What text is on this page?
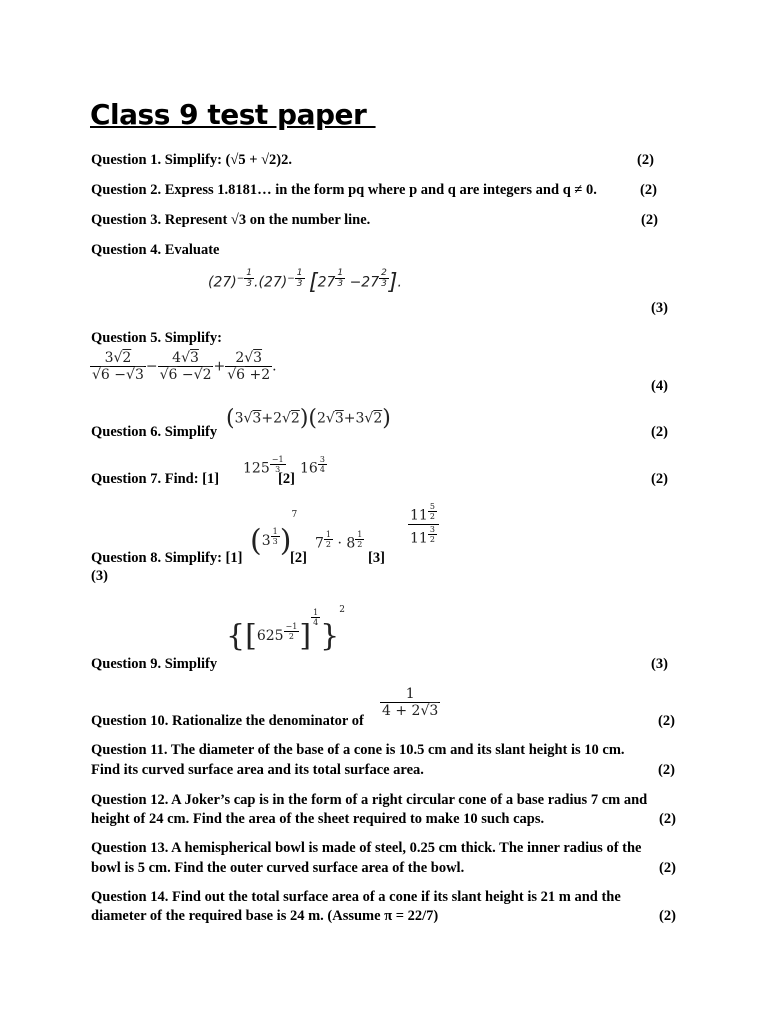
Class 9 test paper
Question 1. Simplify: (√5 + √2)2.	(2)
Question 2. Express 1.8181… in the form pq where p and q are integers and q ≠ 0.	(2)
Question 3. Represent √3 on the number line.	(2)
Question 4. Evaluate
$(27)^{- \frac{1}{3}}$ $.(27)^{- \frac{1}{3}}$ [27 $^{\frac{1}{3}}$ −27 $^{\frac{2}{3}}$ ].
(3)
Question 5. Simplify:
$\frac{3√2}{√6 -√3} - \frac{4√3}{√6 -√2} + \frac{2√3}{√6 +2}$ .
(4)
Question 6. Simplify
(3√3+2√2)(2√3+3√2)
(2)
Question 7. Find: [1]
125 $^{\frac{-1}{3}}$
[2]
16 $^{\frac{3}{4}}$
(2)
Question 8. Simplify: [1] (3 $^{\frac{1}{3}}$ )$^7$
[2]
7 $^{\frac{1}{2}}$ · 8 $^{\frac{1}{2}}$
[3]
11 $^{\frac{5}{2}}$
11 $^{\frac{3}{2}}$
(3)
Question 9. Simplify
{[625 $^{\frac{-1}{2}}$ ]
$^{\frac{1}{4}}$
}$^2$
(3)
Question 10. Rationalize the denominator of
$\frac{1}{4 + 2√3}$
(2)
Question 11. The diameter of the base of a cone is 10.5 cm and its slant height is 10 cm.
Find its curved surface area and its total surface area.	(2)
Question 12. A Joker’s cap is in the form of a right circular cone of a base radius 7 cm and
height of 24 cm. Find the area of the sheet required to make 10 such caps.	(2)
Question 13. A hemispherical bowl is made of steel, 0.25 cm thick. The inner radius of the
bowl is 5 cm. Find the outer curved surface area of the bowl.	(2)
Question 14. Find out the total surface area of a cone if its slant height is 21 m and the
diameter of the required base is 24 m. (Assume π = 22/7)	(2)
